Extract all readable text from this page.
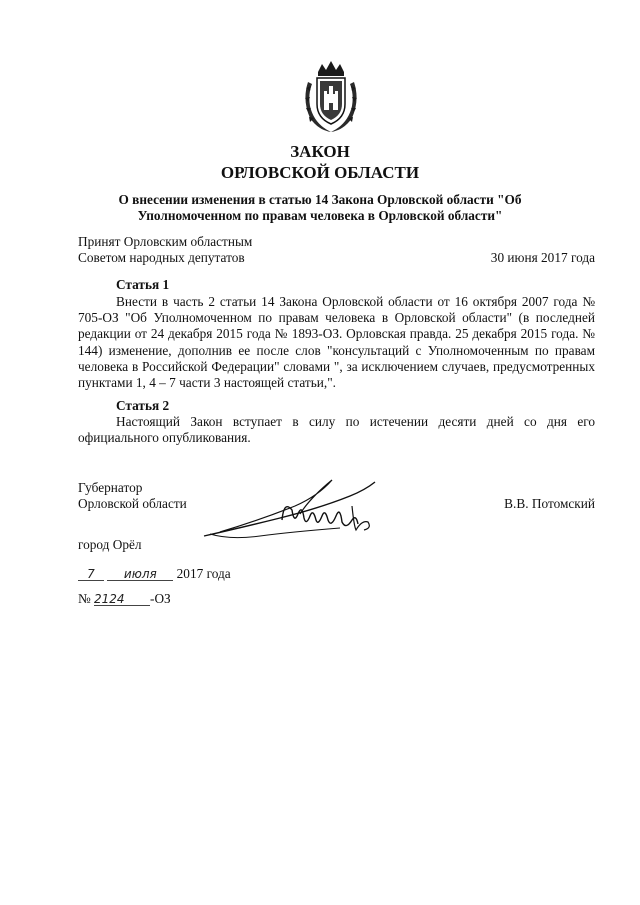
ЗАКОН
ОРЛОВСКОЙ ОБЛАСТИ
О внесении изменения в статью 14 Закона Орловской области "Об Уполномоченном по правам человека в Орловской области"
Принят Орловским областным
Советом народных депутатов	30 июня 2017 года
Статья 1
Внести в часть 2 статьи 14 Закона Орловской области от 16 октября 2007 года № 705-ОЗ "Об Уполномоченном по правам человека в Орловской области" (в последней редакции от 24 декабря 2015 года № 1893-ОЗ. Орловская правда. 25 декабря 2015 года. № 144) изменение, дополнив ее после слов "консультаций с Уполномоченным по правам человека в Российской Федерации" словами ", за исключением случаев, предусмотренных пунктами 1, 4 – 7 части 3 настоящей статьи,".
Статья 2
Настоящий Закон вступает в силу по истечении десяти дней со дня его официального опубликования.
Губернатор
Орловской области	В.В. Потомский
город Орёл
7 июля 2017 года
№ 2124 -ОЗ
